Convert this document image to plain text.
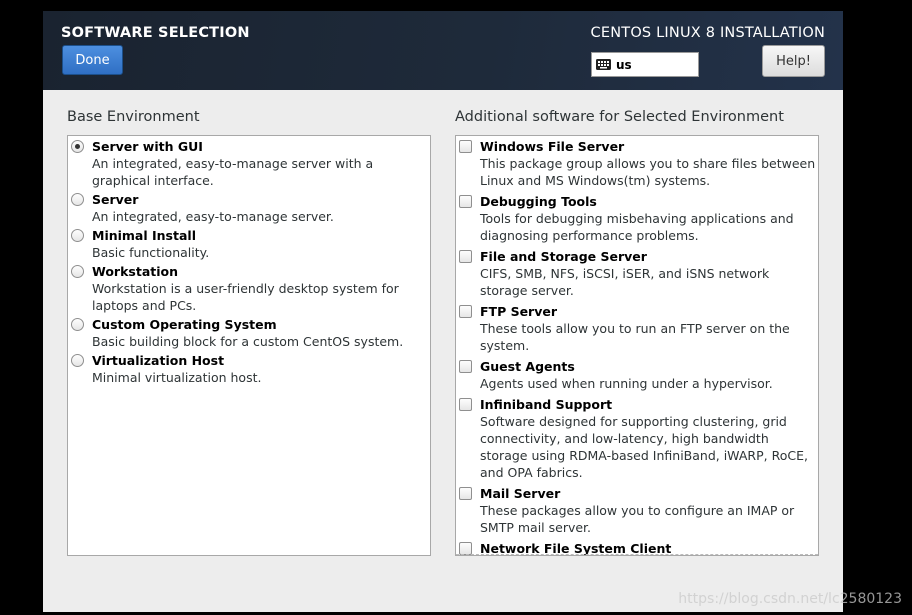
SOFTWARE SELECTION
Done
CENTOS LINUX 8 INSTALLATION
us	Help!
Base Environment	Additional software for Selected Environment
Server with GUI
An integrated, easy-to-manage server with a graphical interface.
Server
An integrated, easy-to-manage server.
Minimal Install
Basic functionality.
Workstation
Workstation is a user-friendly desktop system for laptops and PCs.
Custom Operating System
Basic building block for a custom CentOS system.
Virtualization Host
Minimal virtualization host.
Windows File Server
This package group allows you to share files between Linux and MS Windows(tm) systems.
Debugging Tools
Tools for debugging misbehaving applications and diagnosing performance problems.
File and Storage Server
CIFS, SMB, NFS, iSCSI, iSER, and iSNS network storage server.
FTP Server
These tools allow you to run an FTP server on the system.
Guest Agents
Agents used when running under a hypervisor.
Infiniband Support
Software designed for supporting clustering, grid connectivity, and low-latency, high bandwidth storage using RDMA-based InfiniBand, iWARP, RoCE, and OPA fabrics.
Mail Server
These packages allow you to configure an IMAP or SMTP mail server.
Network File System Client
https://blog.csdn.net/lc2580123
